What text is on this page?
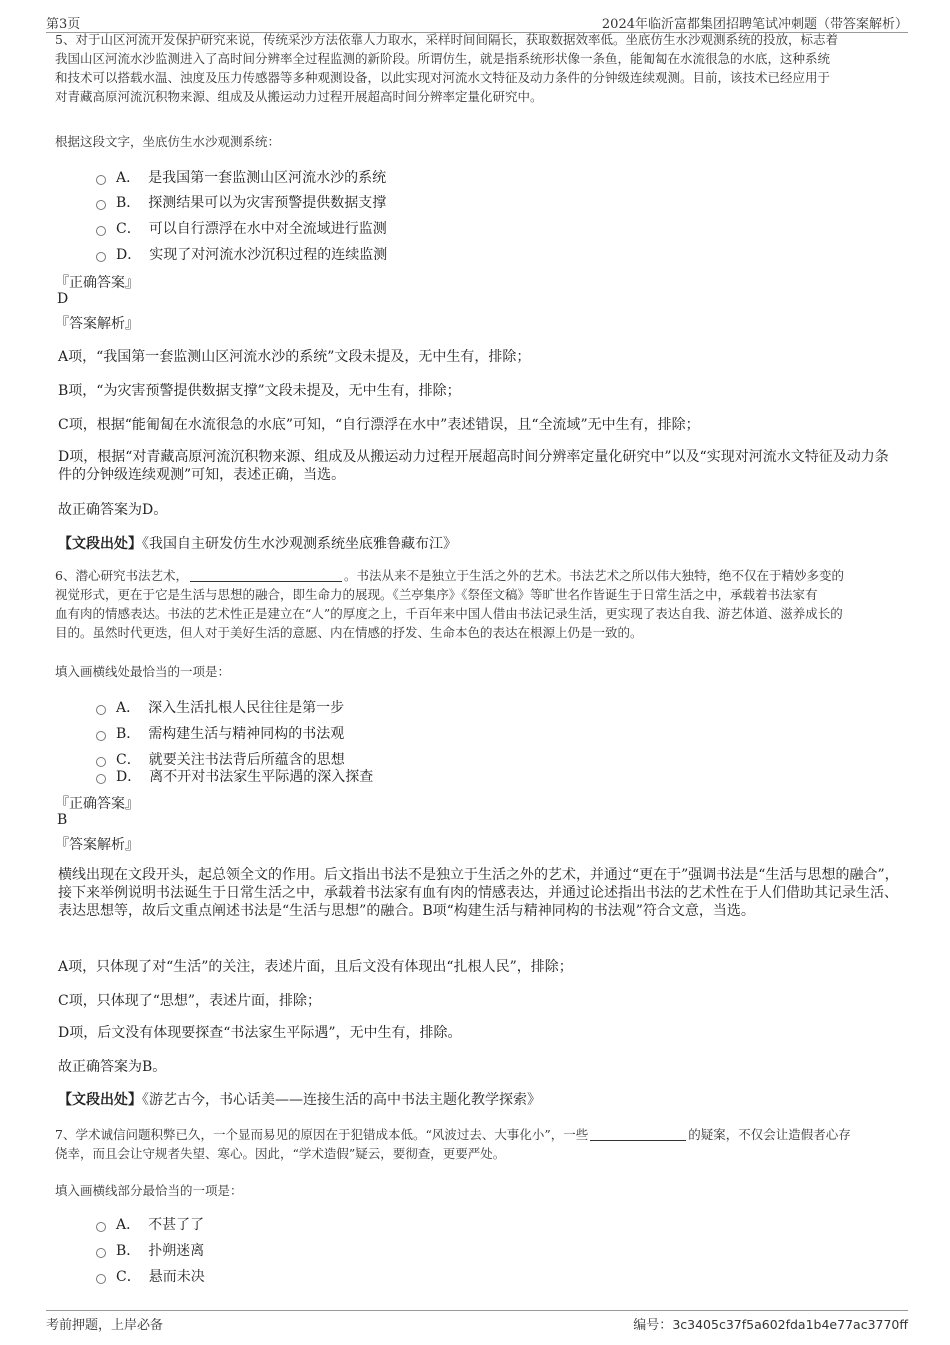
第3页	2024年临沂富都集团招聘笔试冲刺题（带答案解析）
5、对于山区河流开发保护研究来说，传统采沙方法依靠人力取水，采样时间间隔长，获取数据效率低。坐底仿生水沙观测系统的投放，标志着
我国山区河流水沙监测进入了高时间分辨率全过程监测的新阶段。所谓仿生，就是指系统形状像一条鱼，能匍匐在水流很急的水底，这种系统
和技术可以搭载水温、浊度及压力传感器等多种观测设备，以此实现对河流水文特征及动力条件的分钟级连续观测。目前，该技术已经应用于
对青藏高原河流沉积物来源、组成及从搬运动力过程开展超高时间分辨率定量化研究中。
根据这段文字，坐底仿生水沙观测系统：
A． 是我国第一套监测山区河流水沙的系统
B． 探测结果可以为灾害预警提供数据支撑
C． 可以自行漂浮在水中对全流域进行监测
D． 实现了对河流水沙沉积过程的连续监测
『正确答案』
D
『答案解析』
A项，“我国第一套监测山区河流水沙的系统”文段未提及，无中生有，排除；
B项，“为灾害预警提供数据支撑”文段未提及，无中生有，排除；
C项，根据“能匍匐在水流很急的水底”可知，“自行漂浮在水中”表述错误，且“全流域”无中生有，排除；
D项，根据“对青藏高原河流沉积物来源、组成及从搬运动力过程开展超高时间分辨率定量化研究中”以及“实现对河流水文特征及动力条件的分钟级连续观测”可知，表述正确，当选。
故正确答案为D。
【文段出处】《我国自主研发仿生水沙观测系统坐底雅鲁藏布江》
6、潜心研究书法艺术，	。书法从来不是独立于生活之外的艺术。书法艺术之所以伟大独特，绝不仅在于精妙多变的
视觉形式，更在于它是生活与思想的融合，即生命力的展现。《兰亭集序》《祭侄文稿》等旷世名作皆诞生于日常生活之中，承载着书法家有
血有肉的情感表达。书法的艺术性正是建立在“人”的厚度之上，千百年来中国人借由书法记录生活，更实现了表达自我、游艺体道、滋养成长的
目的。虽然时代更迭，但人对于美好生活的意愿、内在情感的抒发、生命本色的表达在根源上仍是一致的。
填入画横线处最恰当的一项是：
A． 深入生活扎根人民往往是第一步
B． 需构建生活与精神同构的书法观
C． 就要关注书法背后所蕴含的思想
D． 离不开对书法家生平际遇的深入探查
『正确答案』
B
『答案解析』
横线出现在文段开头，起总领全文的作用。后文指出书法不是独立于生活之外的艺术，并通过“更在于”强调书法是“生活与思想的融合”，接下来举例说明书法诞生于日常生活之中，承载着书法家有血有肉的情感表达，并通过论述指出书法的艺术性在于人们借助其记录生活、表达思想等，故后文重点阐述书法是“生活与思想”的融合。B项“构建生活与精神同构的书法观”符合文意，当选。
A项，只体现了对“生活”的关注，表述片面，且后文没有体现出“扎根人民”，排除；
C项，只体现了“思想”，表述片面，排除；
D项，后文没有体现要探查“书法家生平际遇”，无中生有，排除。
故正确答案为B。
【文段出处】《游艺古今，书心话美——连接生活的高中书法主题化教学探索》
7、学术诚信问题积弊已久，一个显而易见的原因在于犯错成本低。“风波过去、大事化小”，一些	的疑案，不仅会让造假者心存
侥幸，而且会让守规者失望、寒心。因此，“学术造假”疑云，要彻查，更要严处。
填入画横线部分最恰当的一项是：
A． 不甚了了
B． 扑朔迷离
C． 悬而未决
考前押题，上岸必备	编号：3c3405c37f5a602fda1b4e77ac3770ff
